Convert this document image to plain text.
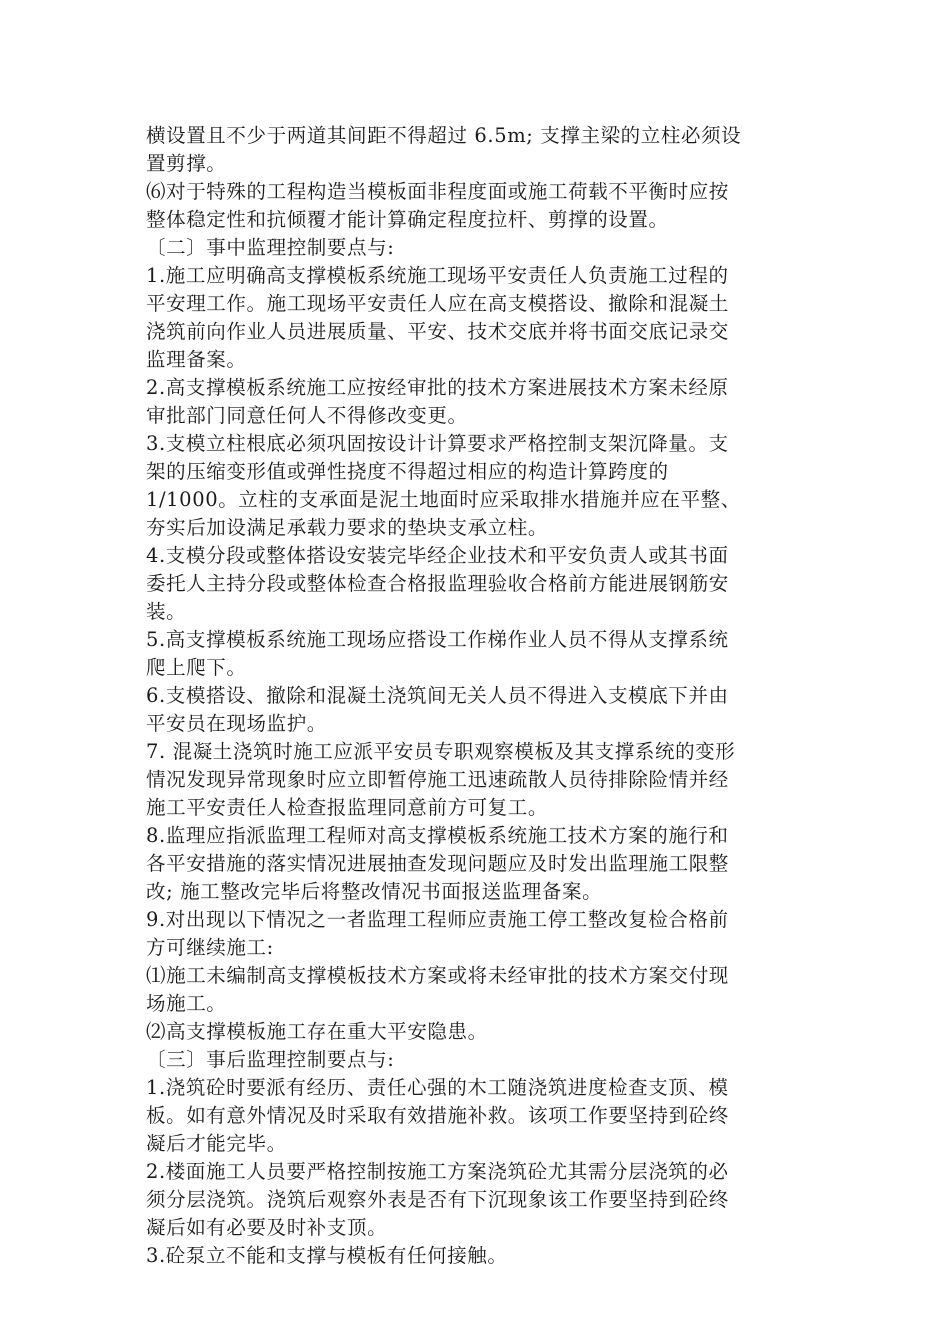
横设置且不少于两道其间距不得超过 6.5m; 支撑主梁的立柱必须设
置剪撑。
⑹对于特殊的工程构造当模板面非程度面或施工荷载不平衡时应按
整体稳定性和抗倾覆才能计算确定程度拉杆、剪撑的设置。
〔二〕事中监理控制要点与:
1.施工应明确高支撑模板系统施工现场平安责任人负责施工过程的
平安理工作。施工现场平安责任人应在高支模搭设、撤除和混凝土
浇筑前向作业人员进展质量、平安、技术交底并将书面交底记录交
监理备案。
2.高支撑模板系统施工应按经审批的技术方案进展技术方案未经原
审批部门同意任何人不得修改变更。
3.支模立柱根底必须巩固按设计计算要求严格控制支架沉降量。支
架的压缩变形值或弹性挠度不得超过相应的构造计算跨度的
1/1000。立柱的支承面是泥土地面时应采取排水措施并应在平整、
夯实后加设满足承载力要求的垫块支承立柱。
4.支模分段或整体搭设安装完毕经企业技术和平安负责人或其书面
委托人主持分段或整体检查合格报监理验收合格前方能进展钢筋安
装。
5.高支撑模板系统施工现场应搭设工作梯作业人员不得从支撑系统
爬上爬下。
6.支模搭设、撤除和混凝土浇筑间无关人员不得进入支模底下并由
平安员在现场监护。
7. 混凝土浇筑时施工应派平安员专职观察模板及其支撑系统的变形
情况发现异常现象时应立即暂停施工迅速疏散人员待排除险情并经
施工平安责任人检查报监理同意前方可复工。
8.监理应指派监理工程师对高支撑模板系统施工技术方案的施行和
各平安措施的落实情况进展抽查发现问题应及时发出监理施工限整
改; 施工整改完毕后将整改情况书面报送监理备案。
9.对出现以下情况之一者监理工程师应责施工停工整改复检合格前
方可继续施工:
⑴施工未编制高支撑模板技术方案或将未经审批的技术方案交付现
场施工。
⑵高支撑模板施工存在重大平安隐患。
〔三〕事后监理控制要点与:
1.浇筑砼时要派有经历、责任心强的木工随浇筑进度检查支顶、模
板。如有意外情况及时采取有效措施补救。该项工作要坚持到砼终
凝后才能完毕。
2.楼面施工人员要严格控制按施工方案浇筑砼尤其需分层浇筑的必
须分层浇筑。浇筑后观察外表是否有下沉现象该工作要坚持到砼终
凝后如有必要及时补支顶。
3.砼泵立不能和支撑与模板有任何接触。
